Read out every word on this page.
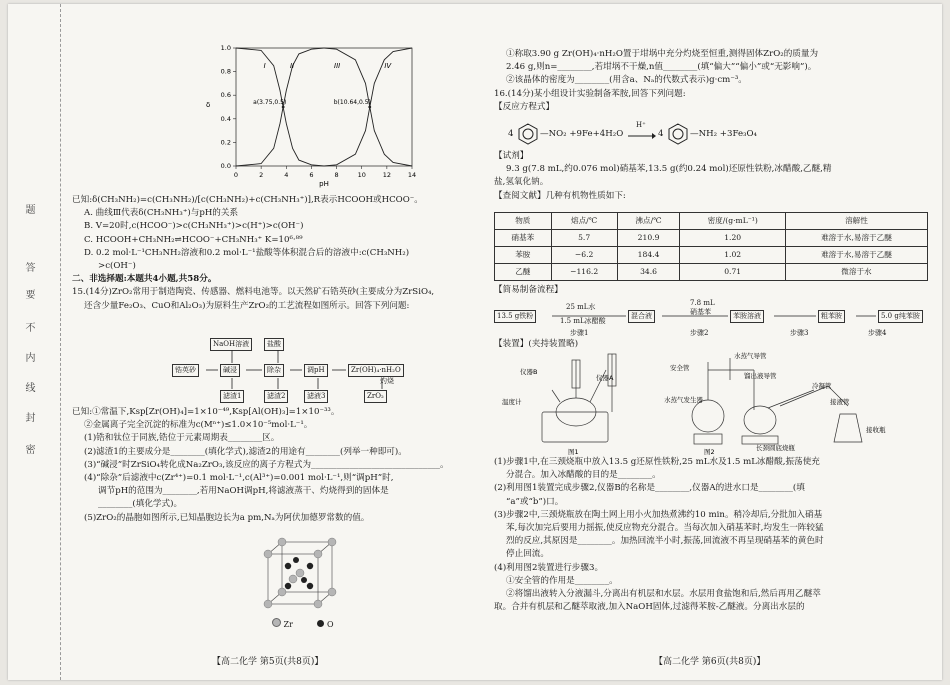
题
答
要
不
内
线
封
密
0	2	4	6	8	10	12	14
0.0
0.2
0.4
0.6
0.8
1.0
pH
δ
I	II	III	IV
a(3.75,0.5)	b(10.64,0.5)

已知:δ(CH₃NH₂)=c(CH₃NH₂)/[c(CH₃NH₂)+c(CH₃NH₃⁺)],R表示HCOOH或HCOO⁻。

A. 曲线Ⅲ代表δ(CH₃NH₃⁺)与pH的关系

B. V=20时,c(HCOO⁻)>c(CH₃NH₃⁺)>c(H⁺)>c(OH⁻)

C. HCOOH+CH₃NH₂⇌HCOO⁻+CH₃NH₃⁺ K=10⁶·⁸⁹

D. 0.2 mol·L⁻¹CH₃NH₂溶液和0.2 mol·L⁻¹盐酸等体积混合后的溶液中:c(CH₃NH₂)

>c(OH⁻)

二、非选择题:本题共4小题,共58分。

15.(14分)ZrO₂常用于制造陶瓷、传感器、燃料电池等。以天然矿石锆英砂(主要成分为ZrSiO₄,

还含少量Fe₂O₃、CuO和Al₂O₃)为原料生产ZrO₂的工艺流程如图所示。回答下列问题:

NaOH溶液	盐酸
锆英砂	碱浸	除杂	调pH	Zr(OH)₄·nH₂O
灼烧
滤渣1	滤渣2	滤液3	ZrO₂

已知:①常温下,Ksp[Zr(OH)₄]=1×10⁻⁴⁹,Ksp[Al(OH)₃]=1×10⁻³³。

②金属离子完全沉淀的标准为c(Mⁿ⁺)≤1.0×10⁻⁵mol·L⁻¹。

(1)锆和钛位于同族,锆位于元素周期表________区。

(2)滤渣1的主要成分是________(填化学式),滤渣2的用途有________(列举一种即可)。

(3)“碱浸”时ZrSiO₄转化成Na₂ZrO₃,该反应的离子方程式为______________________________。

(4)“除杂”后滤液中c(Zr⁴⁺)=0.1 mol·L⁻¹,c(Al³⁺)=0.001 mol·L⁻¹,则“调pH”时,

调节pH的范围为________,若用NaOH调pH,将滤液蒸干、灼烧得到的固体是

________(填化学式)。

(5)ZrO₂的晶胞如图所示,已知晶胞边长为a pm,Nₐ为阿伏加德罗常数的值。

Zr	O
【高二化学 第5页(共8页)】

①称取3.90 g Zr(OH)₄·nH₂O置于坩埚中充分灼烧至恒重,测得固体ZrO₂的质量为

2.46 g,则n=________,若坩埚不干燥,n值________(填“偏大”“偏小”或“无影响”)。

②该晶体的密度为________(用含a、Nₐ的代数式表示)g·cm⁻³。

16.(14分)某小组设计实验制备苯胺,回答下列问题:

【反应方程式】

4	—NO₂ +9Fe+4H₂O
H⁺
→ 4	—NH₂ +3Fe₃O₄

【试剂】

9.3 g(7.8 mL,约0.076 mol)硝基苯,13.5 g(约0.24 mol)还原性铁粉,冰醋酸,乙醚,精

盐,氢氧化钠。

【查阅文献】几种有机物性质如下:

物质	熔点/℃	沸点/℃	密度/(g·mL⁻¹)	溶解性
硝基苯	5.7	210.9	1.20	难溶于水,易溶于乙醚
苯胺	−6.2	184.4	1.02	难溶于水,易溶于乙醚
乙醚	−116.2	34.6	0.71	微溶于水

【简易制备流程】

13.5 g铁粉
25 mL水
1.5 mL冰醋酸
步骤1
混合液
7.8 mL
硝基苯
步骤2
苯胺溶液
步骤3
粗苯胺
步骤4
5.0 g纯苯胺

【装置】(夹持装置略)

仪器B
仪器A
温度计
水蒸气导管
安全管
馏出液导管
冷凝管
水蒸气发生器	接液管
接收瓶
长颈圆底烧瓶
图1	图2

(1)步骤1中,在三颈烧瓶中放入13.5 g还原性铁粉,25 mL水及1.5 mL冰醋酸,振荡使充

分混合。加入冰醋酸的目的是________。

(2)利用图1装置完成步骤2,仪器B的名称是________,仪器A的进水口是________(填

“a”或“b”)口。

(3)步骤2中,三颈烧瓶放在陶土网上用小火加热煮沸约10 min。稍冷却后,分批加入硝基

苯,每次加完后要用力摇振,使反应物充分混合。当每次加入硝基苯时,均发生一阵较猛

烈的反应,其原因是________。加热回流半小时,振荡,回流液不再呈现硝基苯的黄色时

停止回流。

(4)利用图2装置进行步骤3。

①安全管的作用是________。

②将馏出液转入分液漏斗,分离出有机层和水层。水层用食盐饱和后,然后再用乙醚萃

取。合并有机层和乙醚萃取液,加入NaOH固体,过滤得苯胺-乙醚液。分离出水层的

【高二化学 第6页(共8页)】
